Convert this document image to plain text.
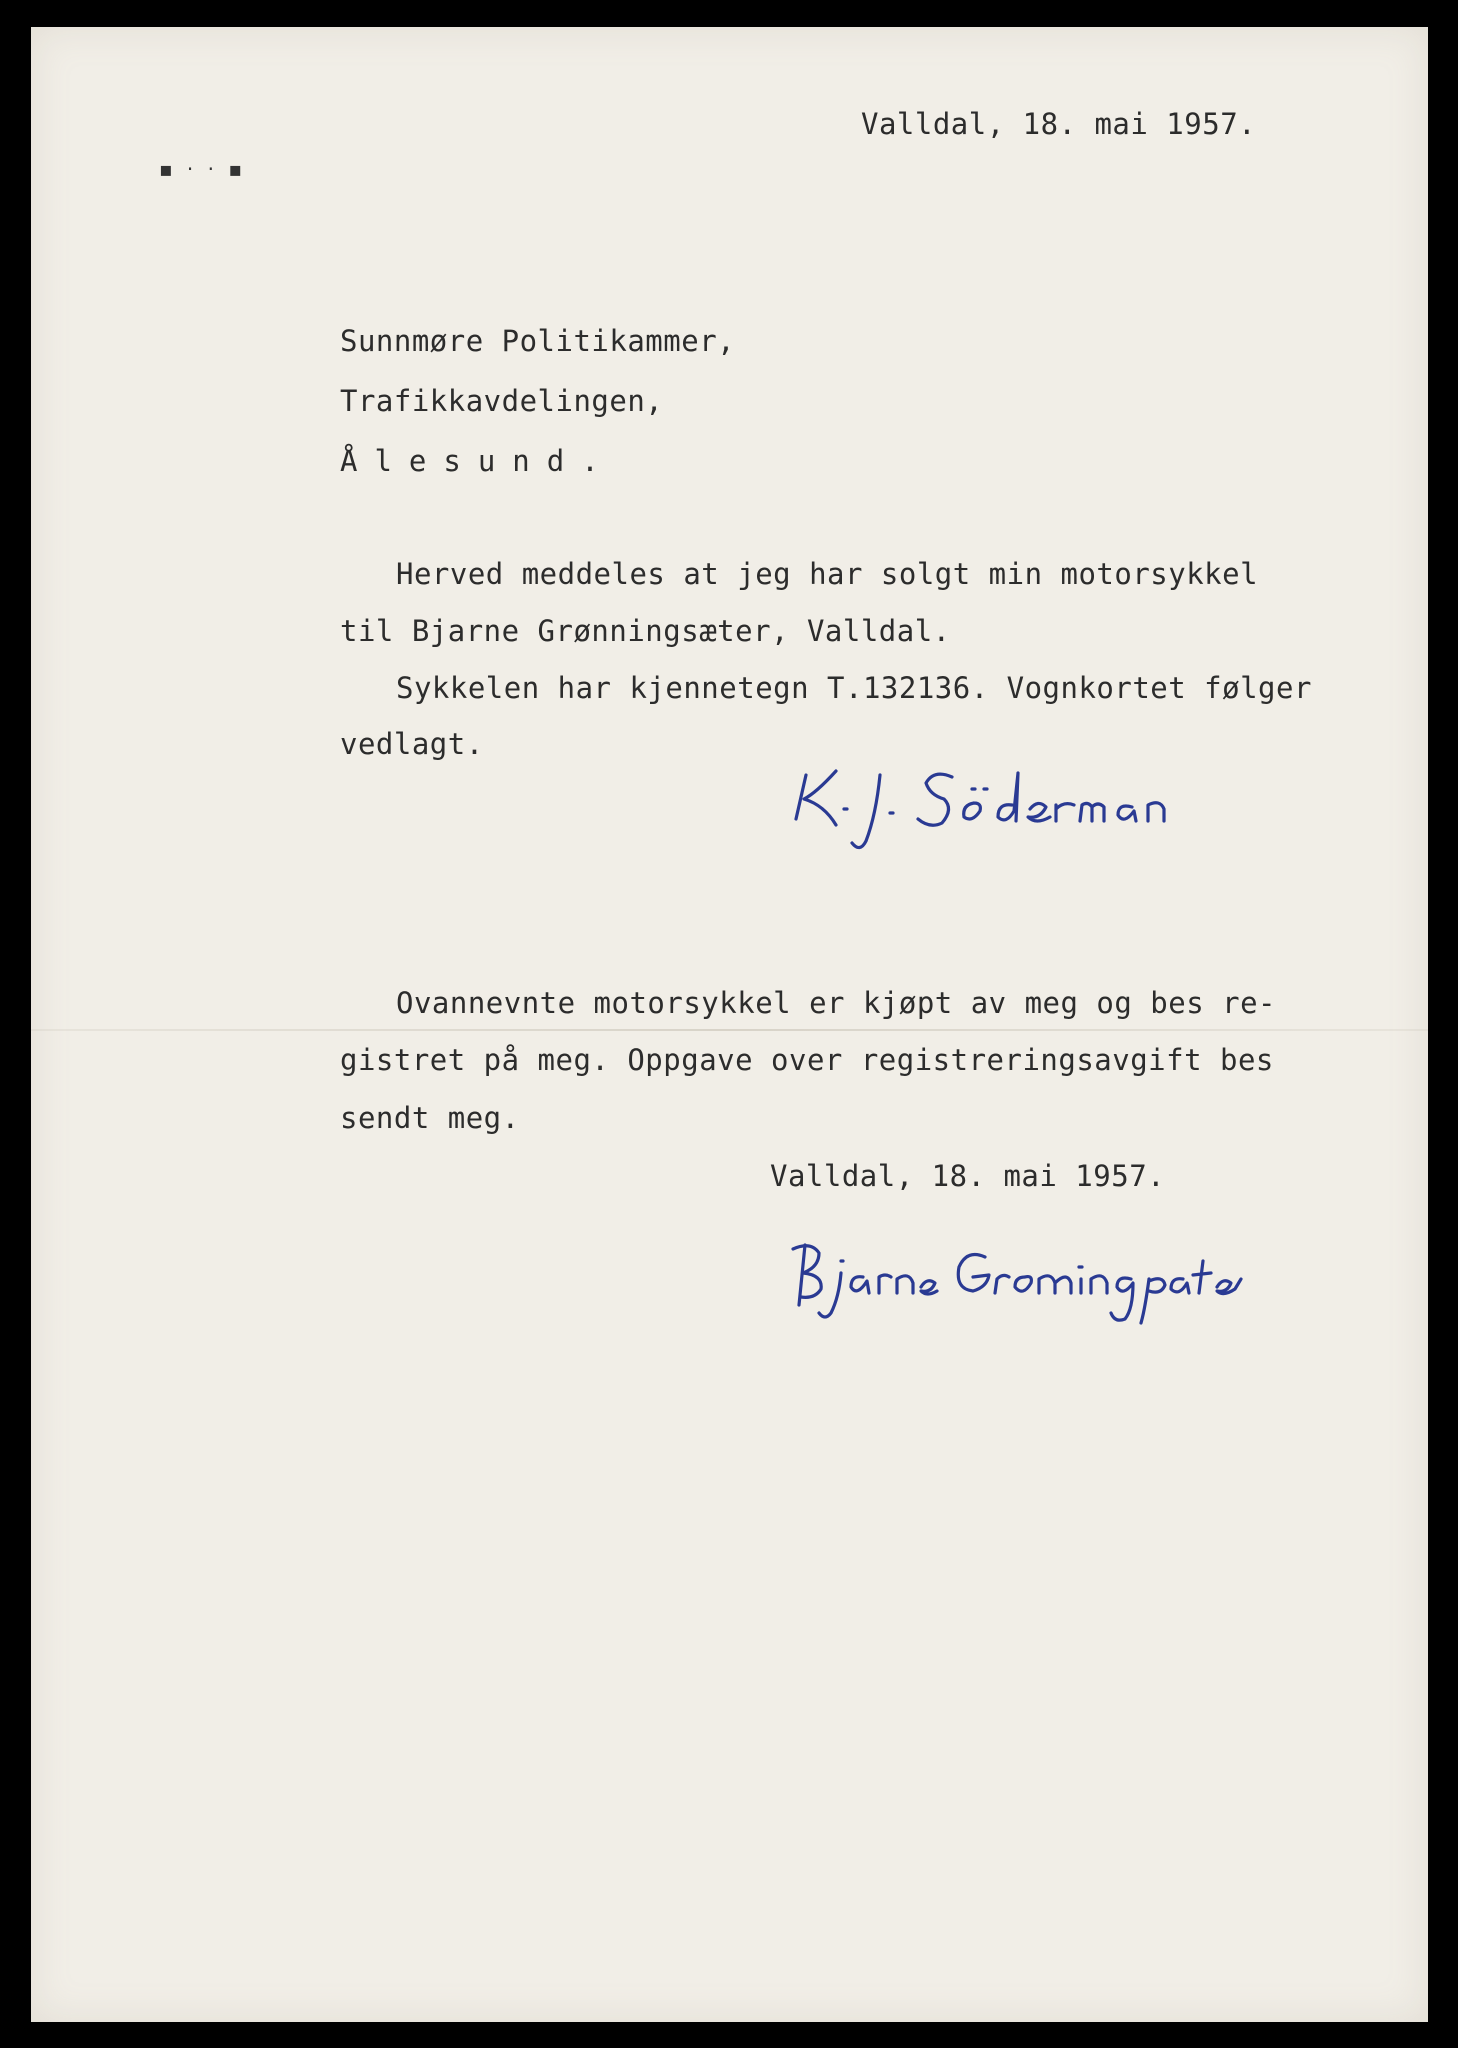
▪ · · ▪
Valldal, 18. mai 1957.
Sunnmøre Politikammer,
Trafikkavdelingen,
Ålesund.
Herved meddeles at jeg har solgt min motorsykkel
til Bjarne Grønningsæter, Valldal.
Sykkelen har kjennetegn T.132136. Vognkortet følger
vedlagt.
Ovannevnte motorsykkel er kjøpt av meg og bes re-
gistret på meg. Oppgave over registreringsavgift bes
sendt meg.
Valldal, 18. mai 1957.
